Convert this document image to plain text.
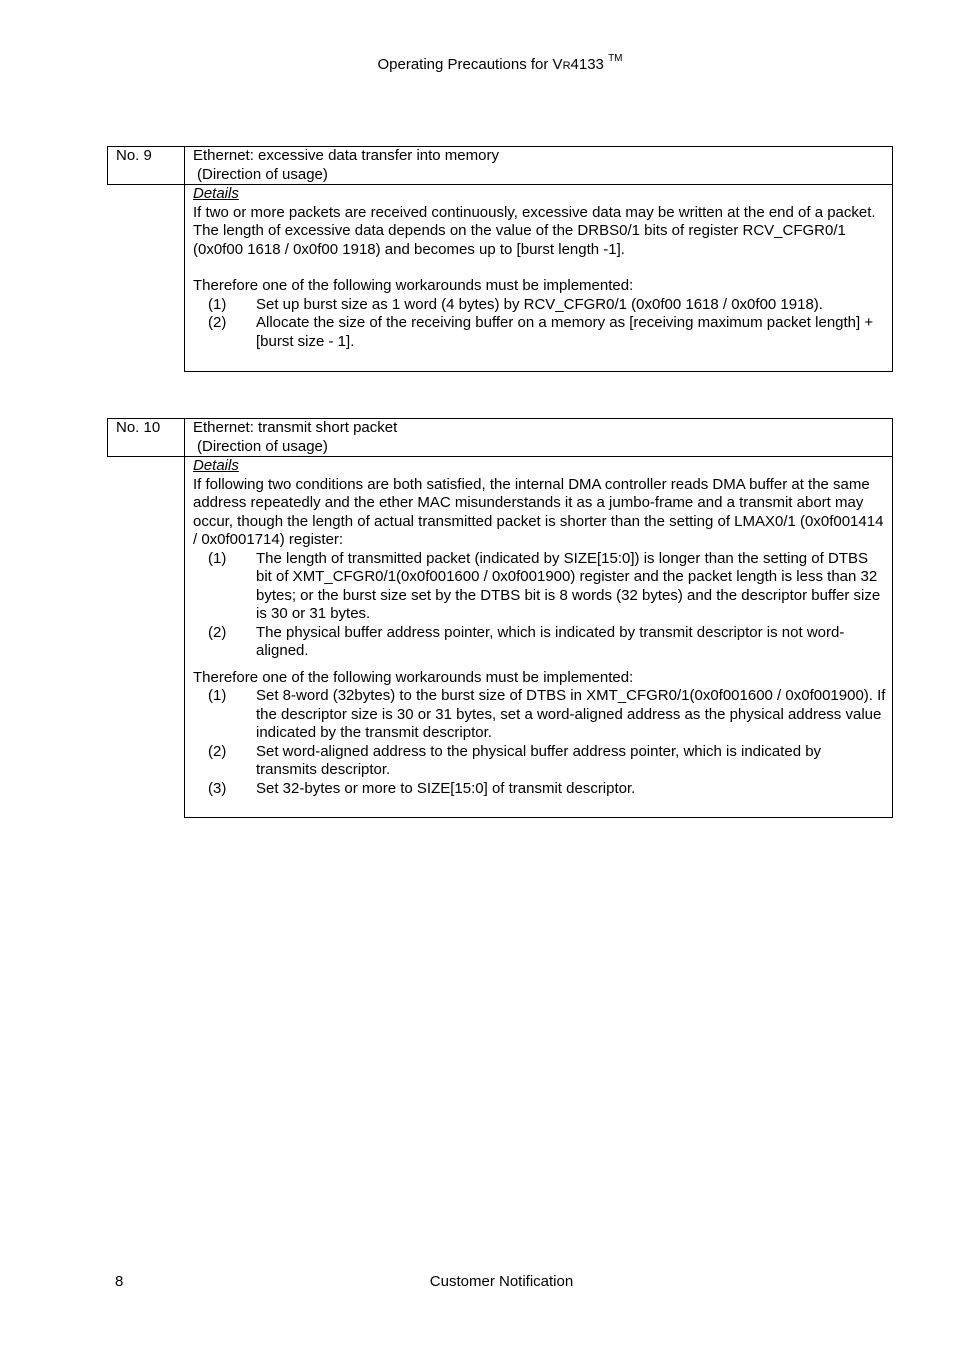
Operating Precautions for VR4133 ™
No. 9	Ethernet: excessive data transfer into memory
(Direction of usage)
Details

If two or more packets are received continuously, excessive data may be written at the end of a packet. The length of excessive data depends on the value of the DRBS0/1 bits of register RCV_CFGR0/1 (0x0f00 1618 / 0x0f00 1918) and becomes up to [burst length -1].

Therefore one of the following workarounds must be implemented:

(1)	Set up burst size as 1 word (4 bytes) by RCV_CFGR0/1 (0x0f00 1618 / 0x0f00 1918).
(2)	Allocate the size of the receiving buffer on a memory as [receiving maximum packet length] + [burst size - 1].
No. 10	Ethernet: transmit short packet
(Direction of usage)
Details

If following two conditions are both satisfied, the internal DMA controller reads DMA buffer at the same address repeatedly and the ether MAC misunderstands it as a jumbo-frame and a transmit abort may occur, though the length of actual transmitted packet is shorter than the setting of LMAX0/1 (0x0f001414 / 0x0f001714) register:

(1)	The length of transmitted packet (indicated by SIZE[15:0]) is longer than the setting of DTBS bit of XMT_CFGR0/1(0x0f001600 / 0x0f001900) register and the packet length is less than 32 bytes; or the burst size set by the DTBS bit is 8 words (32 bytes) and the descriptor buffer size is 30 or 31 bytes.
(2)	The physical buffer address pointer, which is indicated by transmit descriptor is not word-aligned.

Therefore one of the following workarounds must be implemented:

(1)	Set 8-word (32bytes) to the burst size of DTBS in XMT_CFGR0/1(0x0f001600 / 0x0f001900). If the descriptor size is 30 or 31 bytes, set a word-aligned address as the physical address value indicated by the transmit descriptor.
(2)	Set word-aligned address to the physical buffer address pointer, which is indicated by transmits descriptor.
(3)	Set 32-bytes or more to SIZE[15:0] of transmit descriptor.
8	Customer Notification
